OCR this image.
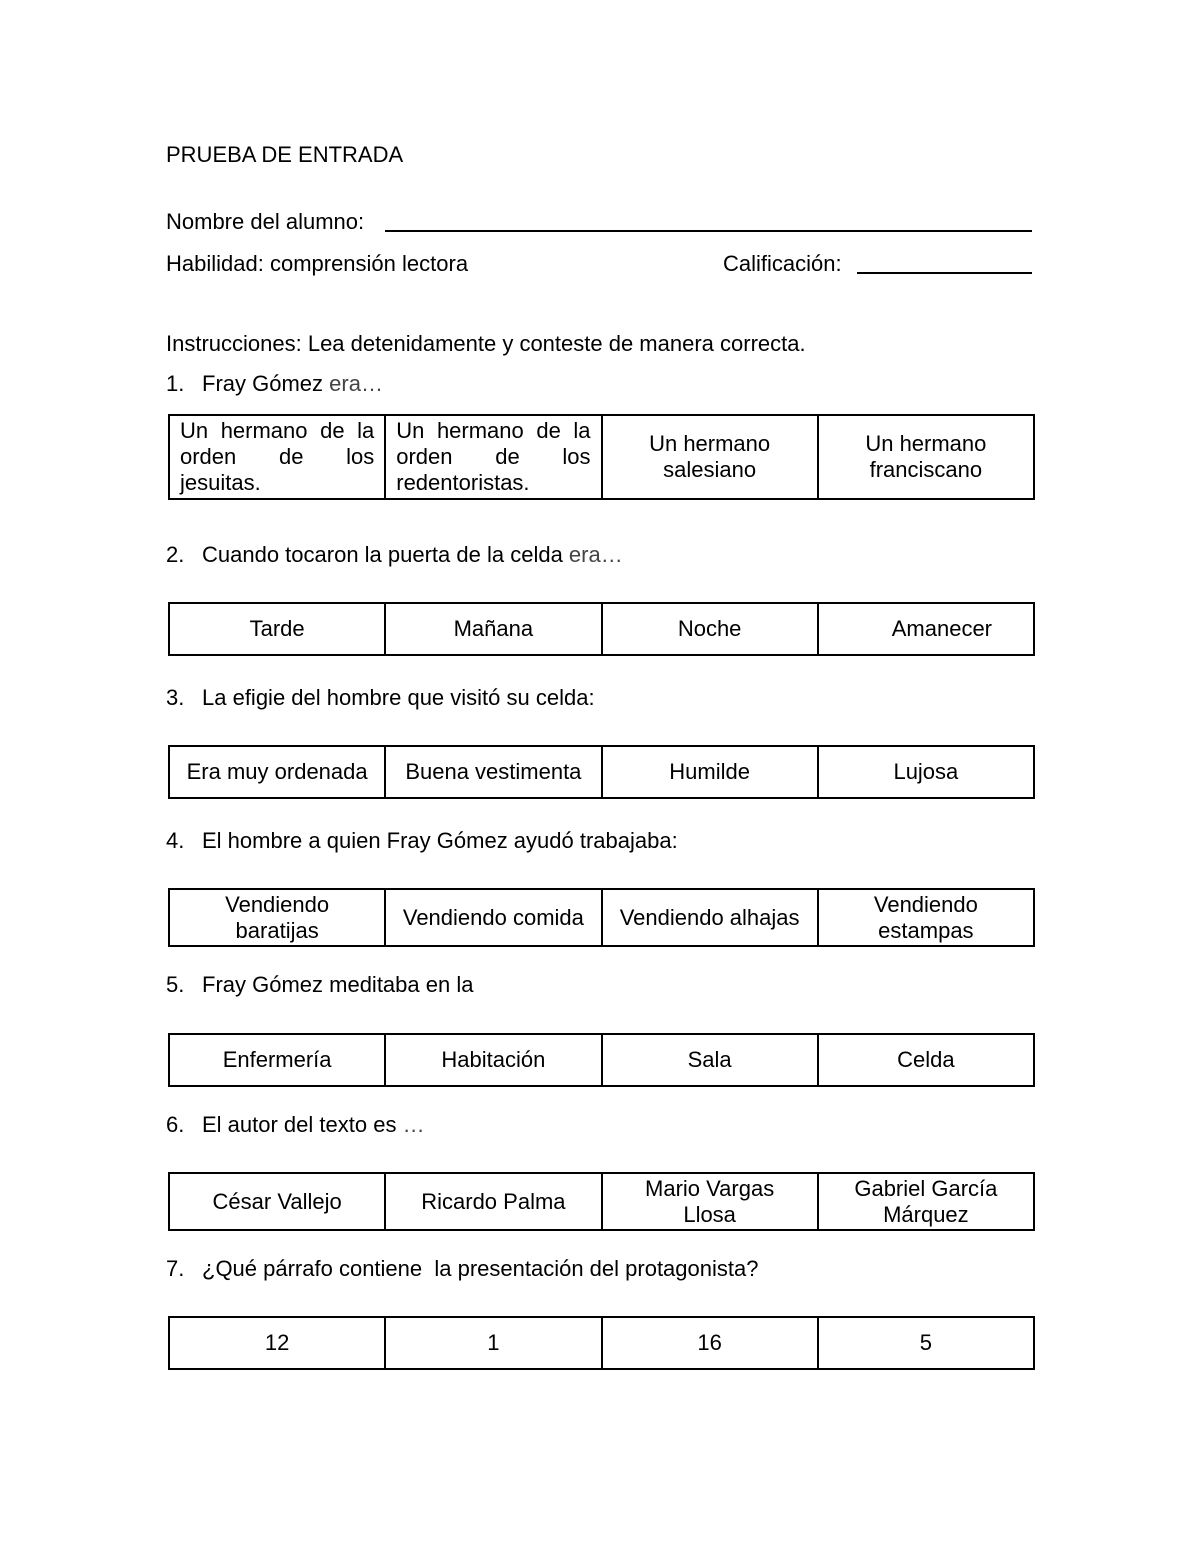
PRUEBA DE ENTRADA
Nombre del alumno:
Habilidad: comprensión lectora	Calificación:
Instrucciones: Lea detenidamente y conteste de manera correcta.
1. Fray Gómez era…
Un hermano de la orden de los jesuitas.	Un hermano de la orden de los redentoristas.	Un hermano salesiano	Un hermano franciscano
2. Cuando tocaron la puerta de la celda era…
Tarde	Mañana	Noche	Amanecer
3. La efigie del hombre que visitó su celda:
Era muy ordenada	Buena vestimenta	Humilde	Lujosa
4. El hombre a quien Fray Gómez ayudó trabajaba:
Vendiendo baratijas	Vendiendo comida	Vendiendo alhajas	Vendiendo estampas
5. Fray Gómez meditaba en la
Enfermería	Habitación	Sala	Celda
6. El autor del texto es …
César Vallejo	Ricardo Palma	Mario Vargas Llosa	Gabriel García Márquez
7. ¿Qué párrafo contiene  la presentación del protagonista?
12	1	16	5
